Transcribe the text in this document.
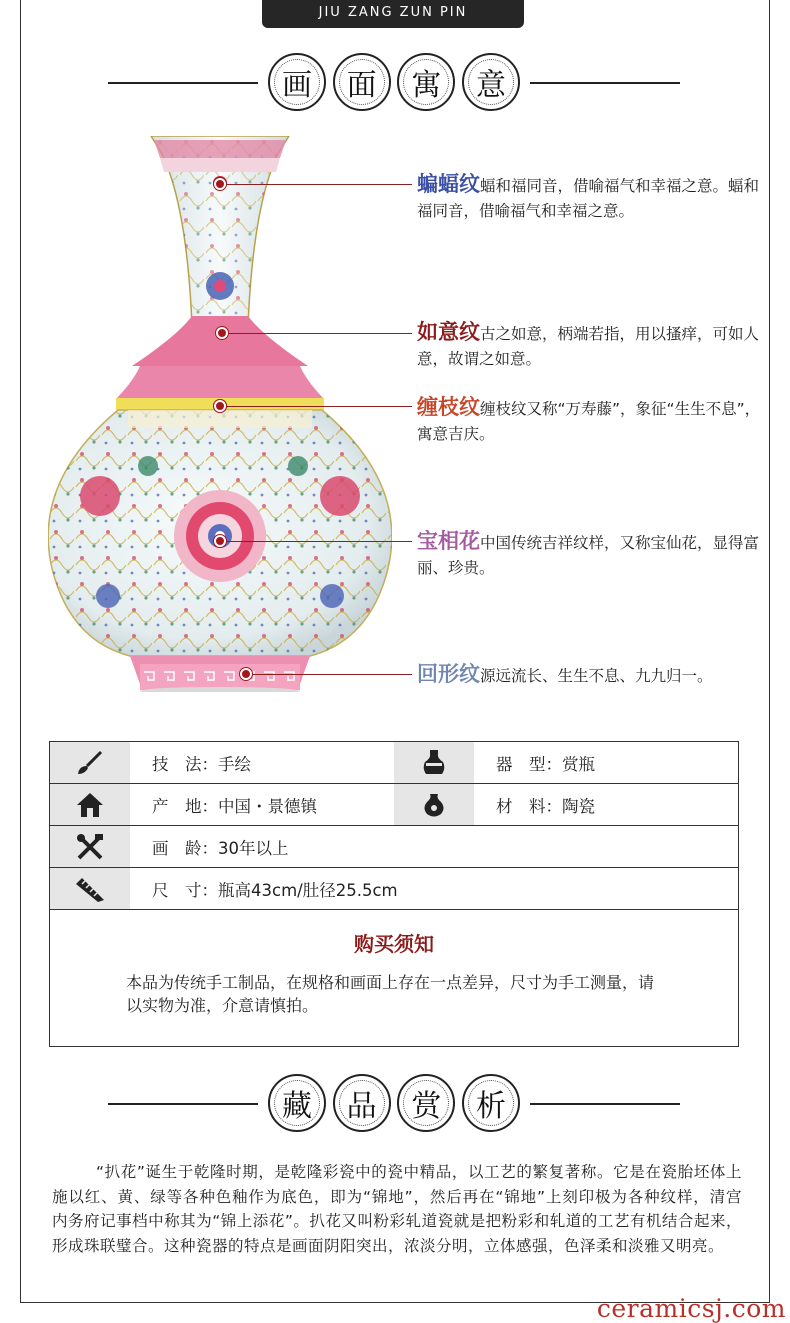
JIU ZANG ZUN PIN
画	面	寓	意
蝙蝠纹蝠和福同音，借喻福气和幸福之意。蝠和福同音，借喻福气和幸福之意。
如意纹古之如意，柄端若指，用以搔痒，可如人意，故谓之如意。
缠枝纹缠枝纹又称“万寿藤”，象征“生生不息”，寓意吉庆。
宝相花中国传统吉祥纹样，又称宝仙花，显得富丽、珍贵。
回形纹源远流长、生生不息、九九归一。
技　法：手绘	器　型：赏瓶
产　地：中国・景德镇	材　料：陶瓷
画　龄：30年以上
尺　寸：瓶高43cm/肚径25.5cm
购买须知

本品为传统手工制品，在规格和画面上存在一点差异，尺寸为手工测量，请以实物为准，介意请慎拍。

藏	品	赏	析

“扒花”诞生于乾隆时期，是乾隆彩瓷中的瓷中精品，以工艺的繁复著称。它是在瓷胎坯体上施以红、黄、绿等各种色釉作为底色，即为“锦地”，然后再在“锦地”上刻印极为各种纹样，清宫内务府记事档中称其为“锦上添花”。扒花又叫粉彩轧道瓷就是把粉彩和轧道的工艺有机结合起来，形成珠联璧合。这种瓷器的特点是画面阴阳突出，浓淡分明，立体感强，色泽柔和淡雅又明亮。

ceramicsj.com
